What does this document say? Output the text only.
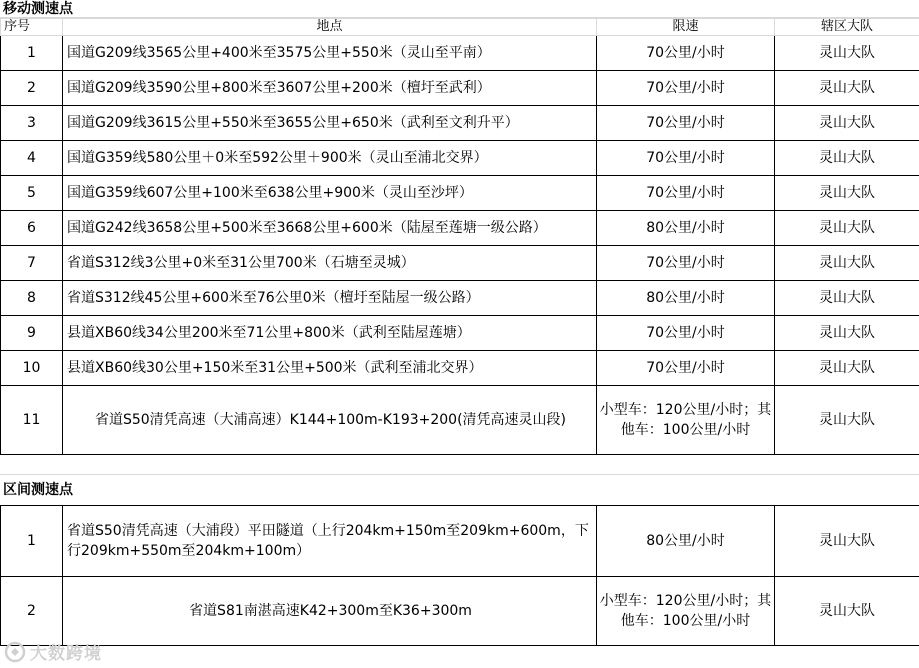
移动测速点
序号	地点	限速	辖区大队
1	国道G209线3565公里+400米至3575公里+550米（灵山至平南）	70公里/小时	灵山大队
2	国道G209线3590公里+800米至3607公里+200米（檀圩至武利）	70公里/小时	灵山大队
3	国道G209线3615公里+550米至3655公里+650米（武利至文利升平）	70公里/小时	灵山大队
4	国道G359线580公里＋0米至592公里＋900米（灵山至浦北交界）	70公里/小时	灵山大队
5	国道G359线607公里+100米至638公里+900米（灵山至沙坪）	70公里/小时	灵山大队
6	国道G242线3658公里+500米至3668公里+600米（陆屋至莲塘一级公路）	80公里/小时	灵山大队
7	省道S312线3公里+0米至31公里700米（石塘至灵城）	70公里/小时	灵山大队
8	省道S312线45公里+600米至76公里0米（檀圩至陆屋一级公路）	80公里/小时	灵山大队
9	县道XB60线34公里200米至71公里+800米（武利至陆屋莲塘）	70公里/小时	灵山大队
10	县道XB60线30公里+150米至31公里+500米（武利至浦北交界）	70公里/小时	灵山大队
11	省道S50清凭高速（大浦高速）K144+100m-K193+200(清凭高速灵山段)	小型车：120公里/小时；其他车：100公里/小时	灵山大队
区间测速点
1	省道S50清凭高速（大浦段）平田隧道（上行204km+150m至209km+600m，下行209km+550m至204km+100m）	80公里/小时	灵山大队
2	省道S81南湛高速K42+300m至K36+300m	小型车：120公里/小时；其他车：100公里/小时	灵山大队
大数跨境
